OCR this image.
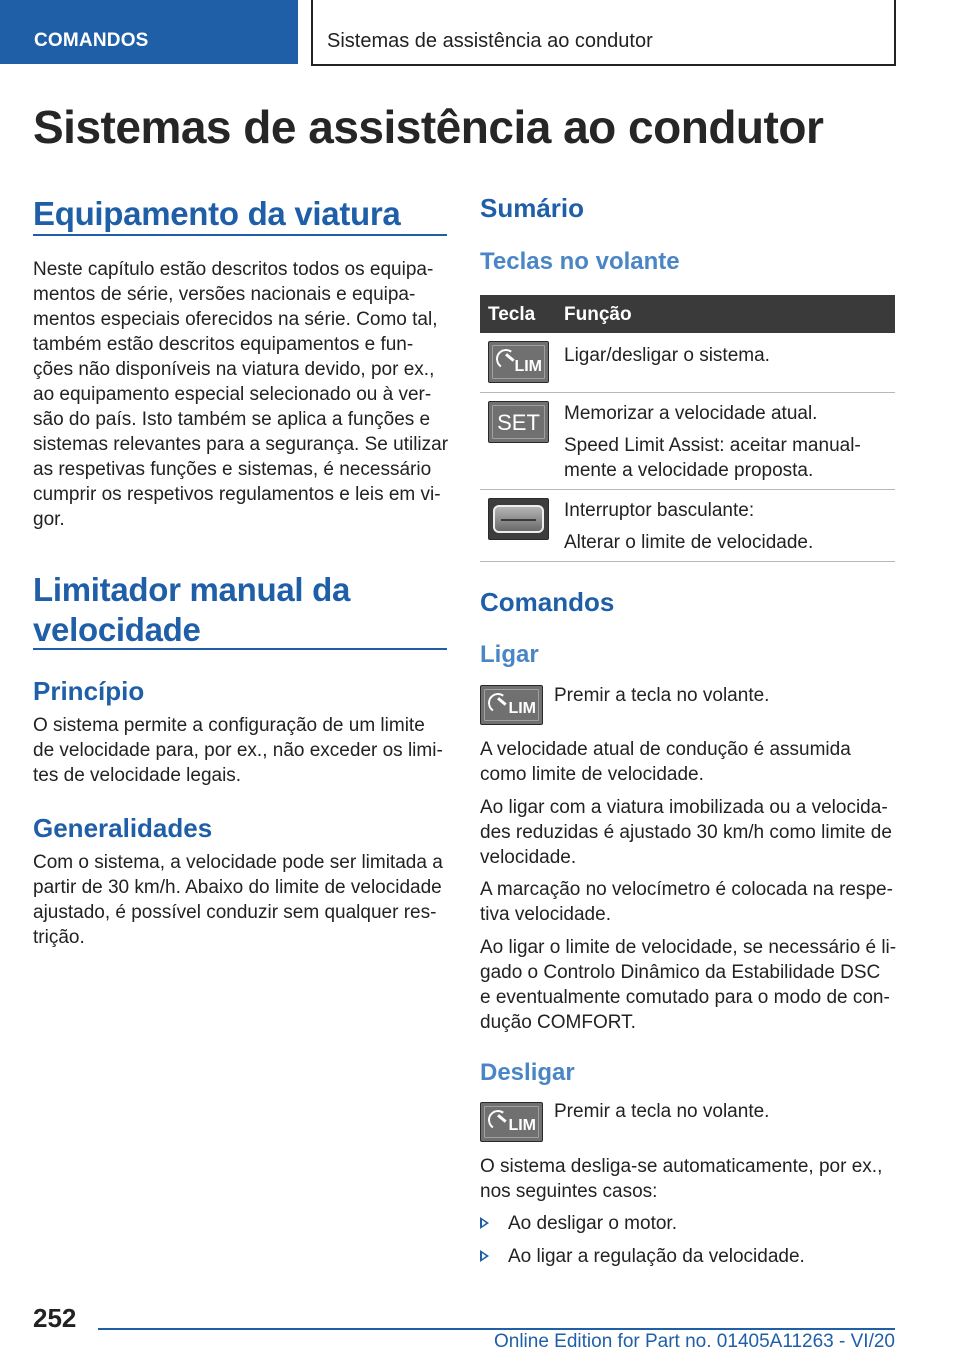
COMANDOS	Sistemas de assistência ao condutor
Sistemas de assistência ao condutor
Equipamento da viatura
Neste capítulo estão descritos todos os equipa-
mentos de série, versões nacionais e equipa-
mentos especiais oferecidos na série. Como tal,
também estão descritos equipamentos e fun-
ções não disponíveis na viatura devido, por ex.,
ao equipamento especial selecionado ou à ver-
são do país. Isto também se aplica a funções e
sistemas relevantes para a segurança. Se utilizar
as respetivas funções e sistemas, é necessário
cumprir os respetivos regulamentos e leis em vi-
gor.
Limitador manual da
velocidade
Princípio
O sistema permite a configuração de um limite
de velocidade para, por ex., não exceder os limi-
tes de velocidade legais.
Generalidades
Com o sistema, a velocidade pode ser limitada a
partir de 30 km/h. Abaixo do limite de velocidade
ajustado, é possível conduzir sem qualquer res-
trição.
Sumário
Teclas no volante
Tecla Função
LIM
Ligar/desligar o sistema.
SET	Memorizar a velocidade atual.
Speed Limit Assist: aceitar manual-
mente a velocidade proposta.
Interruptor basculante:
Alterar o limite de velocidade.
Comandos
Ligar
LIM
Premir a tecla no volante.
A velocidade atual de condução é assumida
como limite de velocidade.
Ao ligar com a viatura imobilizada ou a velocida-
des reduzidas é ajustado 30 km/h como limite de
velocidade.
A marcação no velocímetro é colocada na respe-
tiva velocidade.
Ao ligar o limite de velocidade, se necessário é li-
gado o Controlo Dinâmico da Estabilidade DSC
e eventualmente comutado para o modo de con-
dução COMFORT.
Desligar
LIM
Premir a tecla no volante.
O sistema desliga-se automaticamente, por ex.,
nos seguintes casos:
Ao desligar o motor.
Ao ligar a regulação da velocidade.
252
Online Edition for Part no. 01405A11263 - VI/20
